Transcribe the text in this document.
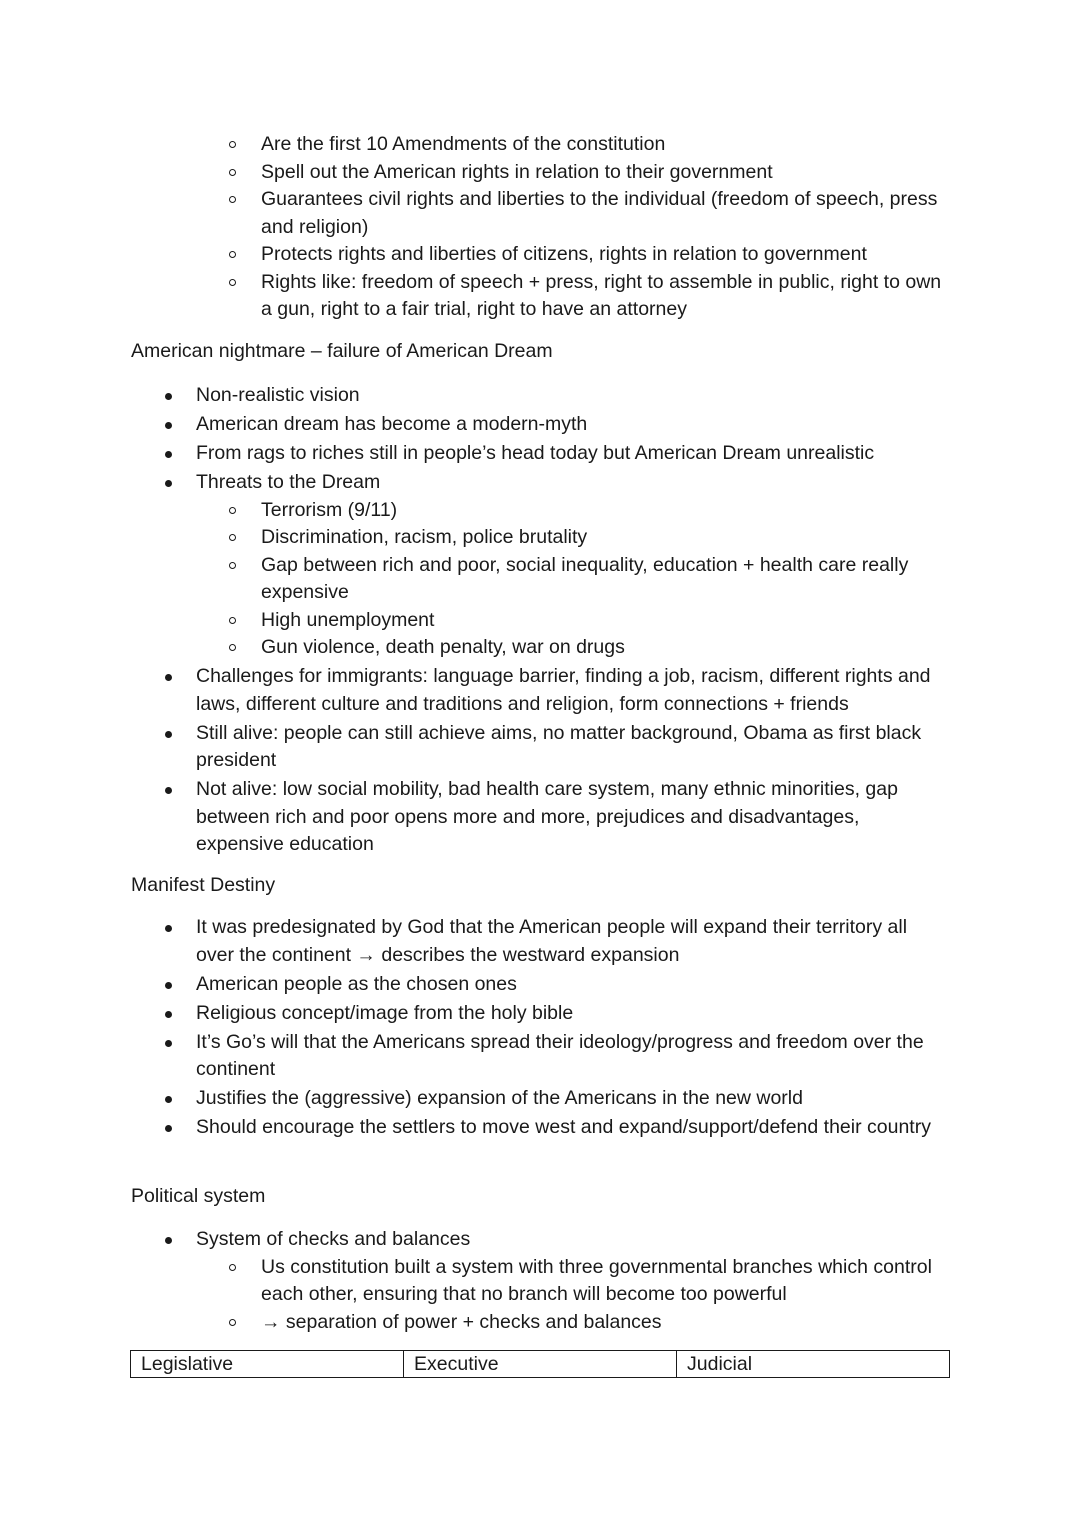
Are the first 10 Amendments of the constitution
Spell out the American rights in relation to their government
Guarantees civil rights and liberties to the individual (freedom of speech, press and religion)
Protects rights and liberties of citizens, rights in relation to government
Rights like: freedom of speech + press, right to assemble in public, right to own a gun, right to a fair trial, right to have an attorney
American nightmare – failure of American Dream
Non-realistic vision
American dream has become a modern-myth
From rags to riches still in people’s head today but American Dream unrealistic
Threats to the Dream
Terrorism (9/11)
Discrimination, racism, police brutality
Gap between rich and poor, social inequality, education + health care really expensive
High unemployment
Gun violence, death penalty, war on drugs
Challenges for immigrants: language barrier, finding a job, racism, different rights and laws, different culture and traditions and religion, form connections + friends
Still alive: people can still achieve aims, no matter background, Obama as first black president
Not alive: low social mobility, bad health care system, many ethnic minorities, gap between rich and poor opens more and more, prejudices and disadvantages, expensive education
Manifest Destiny
It was predesignated by God that the American people will expand their territory all over the continent → describes the westward expansion
American people as the chosen ones
Religious concept/image from the holy bible
It’s Go’s will that the Americans spread their ideology/progress and freedom over the continent
Justifies the (aggressive) expansion of the Americans in the new world
Should encourage the settlers to move west and expand/support/defend their country
Political system
System of checks and balances
Us constitution built a system with three governmental branches which control each other, ensuring that no branch will become too powerful
→ separation of power + checks and balances
Legislative	Executive	Judicial
